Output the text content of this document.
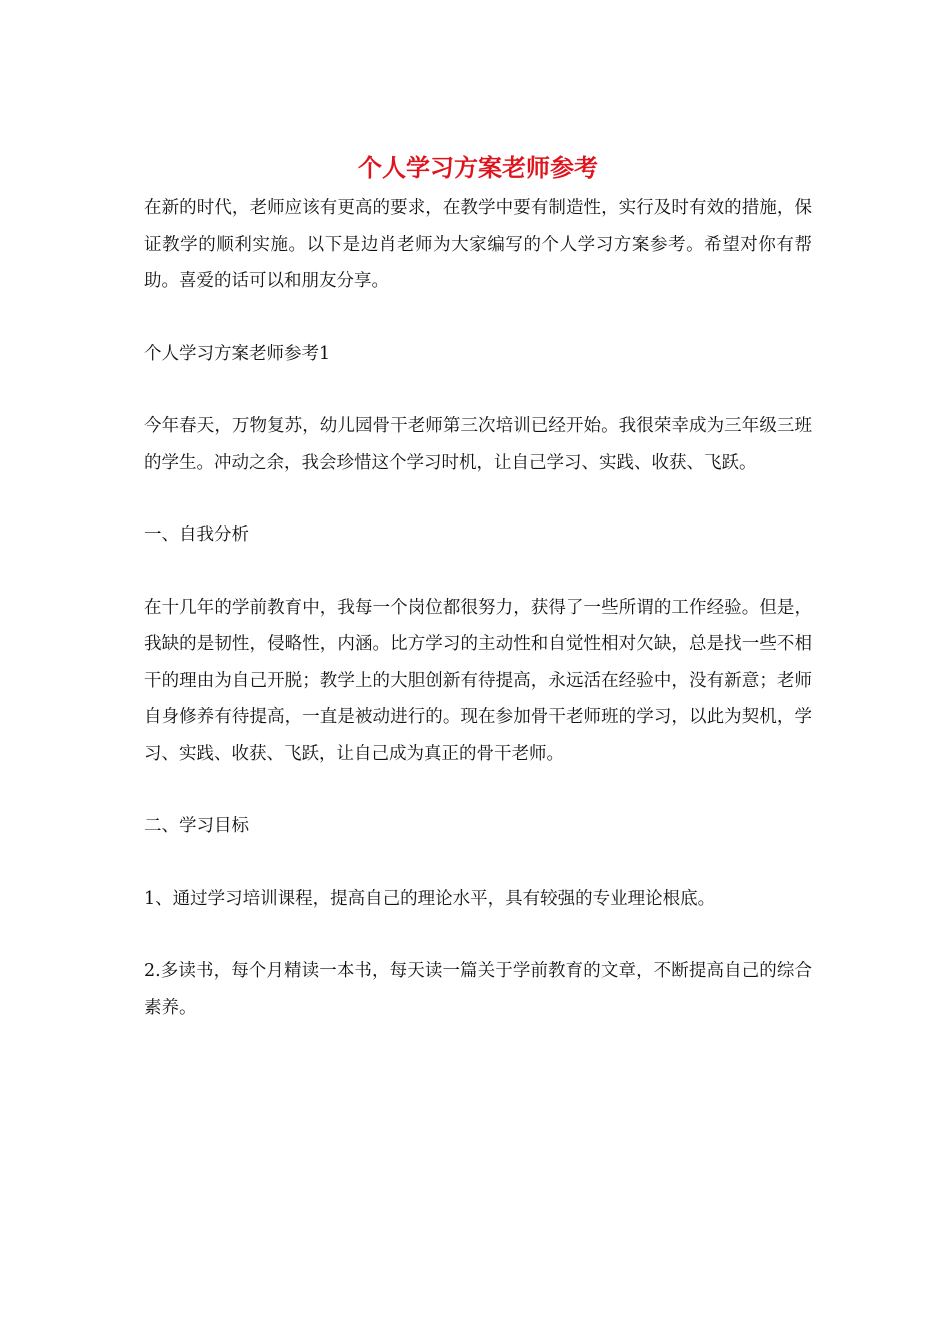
个人学习方案老师参考

在新的时代，老师应该有更高的要求，在教学中要有制造性，实行及时有效的措施，保证教学的顺利实施。以下是边肖老师为大家编写的个人学习方案参考。希望对你有帮助。喜爱的话可以和朋友分享。

个人学习方案老师参考1

今年春天，万物复苏，幼儿园骨干老师第三次培训已经开始。我很荣幸成为三年级三班的学生。冲动之余，我会珍惜这个学习时机，让自己学习、实践、收获、飞跃。

一、自我分析

在十几年的学前教育中，我每一个岗位都很努力，获得了一些所谓的工作经验。但是，我缺的是韧性，侵略性，内涵。比方学习的主动性和自觉性相对欠缺，总是找一些不相干的理由为自己开脱；教学上的大胆创新有待提高，永远活在经验中，没有新意；老师自身修养有待提高，一直是被动进行的。现在参加骨干老师班的学习，以此为契机，学习、实践、收获、飞跃，让自己成为真正的骨干老师。

二、学习目标

1、通过学习培训课程，提高自己的理论水平，具有较强的专业理论根底。

2.多读书，每个月精读一本书，每天读一篇关于学前教育的文章，不断提高自己的综合素养。
